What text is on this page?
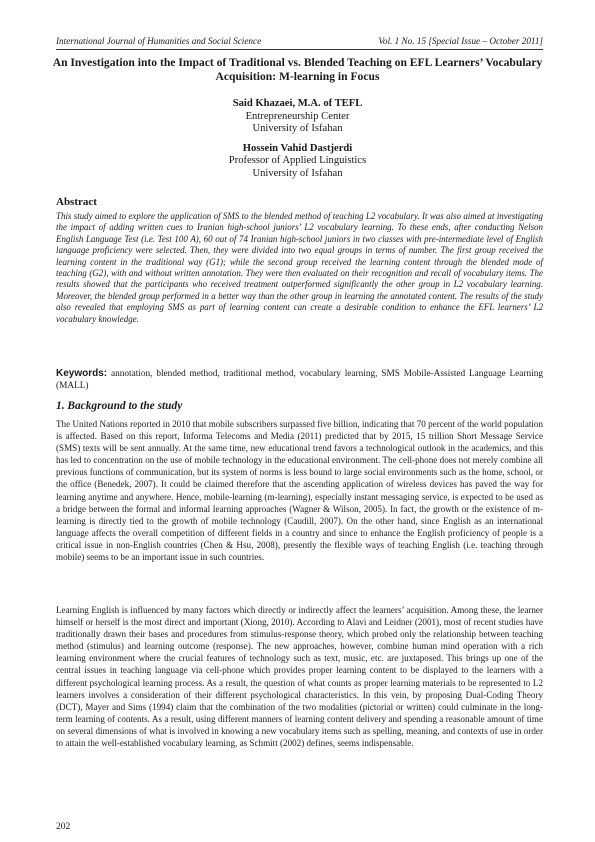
International Journal of Humanities and Social Science	Vol. 1 No. 15 [Special Issue – October 2011]
An Investigation into the Impact of Traditional vs. Blended Teaching on EFL Learners’ Vocabulary Acquisition: M-learning in Focus
Said Khazaei, M.A. of TEFL
Entrepreneurship Center
University of Isfahan
Hossein Vahid Dastjerdi
Professor of Applied Linguistics
University of Isfahan
Abstract
This study aimed to explore the application of SMS to the blended method of teaching L2 vocabulary. It was also aimed at investigating the impact of adding written cues to Iranian high-school juniors’ L2 vocabulary learning. To these ends, after conducting Nelson English Language Test (i.e. Test 100 A), 60 out of 74 Iranian high-school juniors in two classes with pre-intermediate level of English language proficiency were selected. Then, they were divided into two equal groups in terms of number. The first group received the learning content in the traditional way (G1); while the second group received the learning content through the blended mode of teaching (G2), with and without written annotation. They were then evaluated on their recognition and recall of vocabulary items. The results showed that the participants who received treatment outperformed significantly the other group in L2 vocabulary learning. Moreover, the blended group performed in a better way than the other group in learning the annotated content. The results of the study also revealed that employing SMS as part of learning content can create a desirable condition to enhance the EFL learners’ L2 vocabulary knowledge.
Keywords: annotation, blended method, traditional method, vocabulary learning, SMS Mobile-Assisted Language Learning (MALL)
1. Background to the study

The United Nations reported in 2010 that mobile subscribers surpassed five billion, indicating that 70 percent of the world population is affected. Based on this report, Informa Telecoms and Media (2011) predicted that by 2015, 15 trillion Short Message Service (SMS) texts will be sent annually. At the same time, new educational trend favors a technological outlook in the academics, and this has led to concentration on the use of mobile technology in the educational environment. The cell-phone does not merely combine all previous functions of communication, but its system of norms is less bound to large social environments such as the home, school, or the office (Benedek, 2007). It could be claimed therefore that the ascending application of wireless devices has paved the way for learning anytime and anywhere. Hence, mobile-learning (m-learning), especially instant messaging service, is expected to be used as a bridge between the formal and informal learning approaches (Wagner & Wilson, 2005). In fact, the growth or the existence of m-learning is directly tied to the growth of mobile technology (Caudill, 2007). On the other hand, since English as an international language affects the overall competition of different fields in a country and since to enhance the English proficiency of people is a critical issue in non-English countries (Chen & Hsu, 2008), presently the flexible ways of teaching English (i.e. teaching through mobile) seems to be an important issue in such countries.

Learning English is influenced by many factors which directly or indirectly affect the learners’ acquisition. Among these, the learner himself or herself is the most direct and important (Xiong, 2010). According to Alavi and Leidner (2001), most of recent studies have traditionally drawn their bases and procedures from stimulus-response theory, which probed only the relationship between teaching method (stimulus) and learning outcome (response). The new approaches, however, combine human mind operation with a rich learning environment where the crucial features of technology such as text, music, etc. are juxtaposed. This brings up one of the central issues in teaching language via cell-phone which provides proper learning content to be displayed to the learners with a different psychological learning process. As a result, the question of what counts as proper learning materials to be represented to L2 learners involves a consideration of their different psychological characteristics. In this vein, by proposing Dual-Coding Theory (DCT), Mayer and Sims (1994) claim that the combination of the two modalities (pictorial or written) could culminate in the long-term learning of contents. As a result, using different manners of learning content delivery and spending a reasonable amount of time on several dimensions of what is involved in knowing a new vocabulary items such as spelling, meaning, and contexts of use in order to attain the well-established vocabulary learning, as Schmitt (2002) defines, seems indispensable.

202
